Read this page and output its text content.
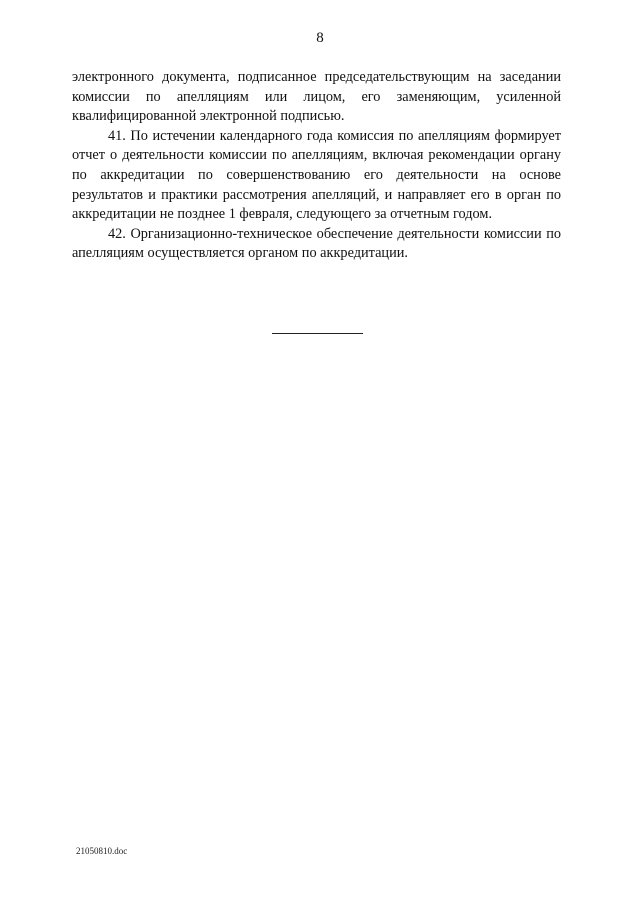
8

электронного документа, подписанное председательствующим на заседании комиссии по апелляциям или лицом, его заменяющим, усиленной квалифицированной электронной подписью.

41. По истечении календарного года комиссия по апелляциям формирует отчет о деятельности комиссии по апелляциям, включая рекомендации органу по аккредитации по совершенствованию его деятельности на основе результатов и практики рассмотрения апелляций, и направляет его в орган по аккредитации не позднее 1 февраля, следующего за отчетным годом.

42. Организационно-техническое обеспечение деятельности комиссии по апелляциям осуществляется органом по аккредитации.

21050810.doc
